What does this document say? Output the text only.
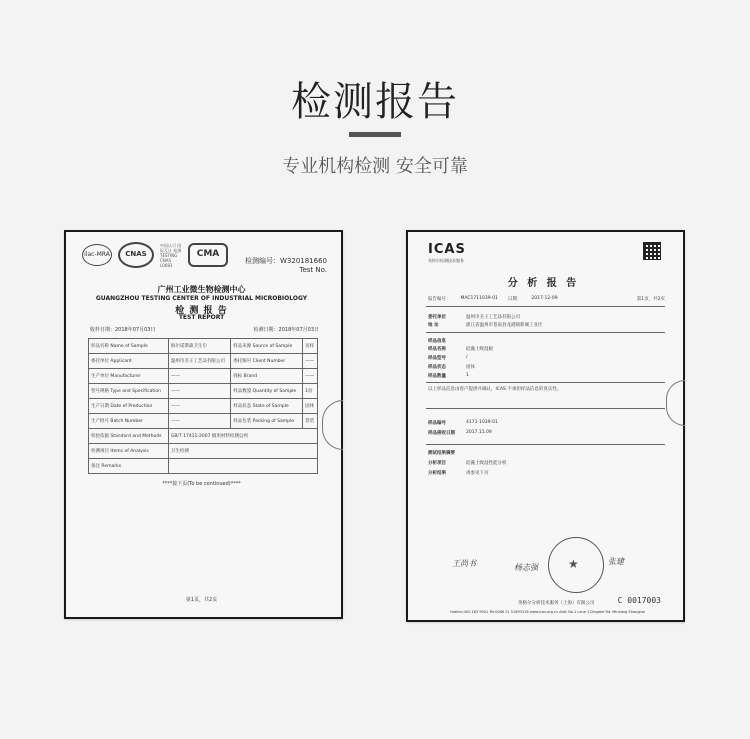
检测报告
专业机构检测 安全可靠
ilac-MRA	CNAS
中国认可 国际互认 检测 TESTING CNAS L0683
CMA
检测编号：W320181660
Test No.
广州工业微生物检测中心
GUANGZHOU TESTING CENTER OF INDUSTRIAL MICROBIOLOGY
检 测 报 告
TEST REPORT
收样日期：2018年07月03日	检测日期：2018年07月03日
样品名称 Name of Sample	海尔诺斯森卫生巾	样品来源 Source of Sample	送样
委托单位 Applicant	温州市圣王工艺品有限公司	委托编号 Client Number	——
生产单位 Manufacturer	——	商标 Brand	——
型号规格 Type and Specification	——	样品数量 Quantity of Sample	1份
生产日期 Date of Production	——	样品状态 State of Sample	固体
生产批号 Batch Number	——	样品包装 Packing of Sample	袋装
检验依据 Standard and Methods	GB/T 17411-2007 烟用材料检测总则		
检测项目 Items of Analysis	卫生检测		
备注 Remarks			
****接下页(To be continued)****
第1页，共2页
ICAS
英格尔检测技术服务
分 析 报 告
报告编号： MAC1711039-01 日期： 2017-12-09	第1页，共2页
委托单位	温州市圣王工艺品有限公司
地 址	浙江省温州市苍南县龙港镇新城工业区
样品信息
样品名称	硅藻土吸湿板
样品型号	/
样品状态	固体
样品数量	1
以上样品信息由客户提供并确认，ICAS 不承担样品信息的真实性。
样品编号	4171-1039-01
样品接收日期 2017.11.09
测试结果摘要
分析项目	硅藻土吸湿性能分析
分析结果	请参见下页
★
王尚书	杨志强
张建
英格尔分析技术服务（上海）有限公司	C 0017003
Hotline:400 183 9001 Tel:0086 21 51693316 www.icas.org.cn Add: No.1 Lane 1 Dingwei Rd. Minhang Shanghai
